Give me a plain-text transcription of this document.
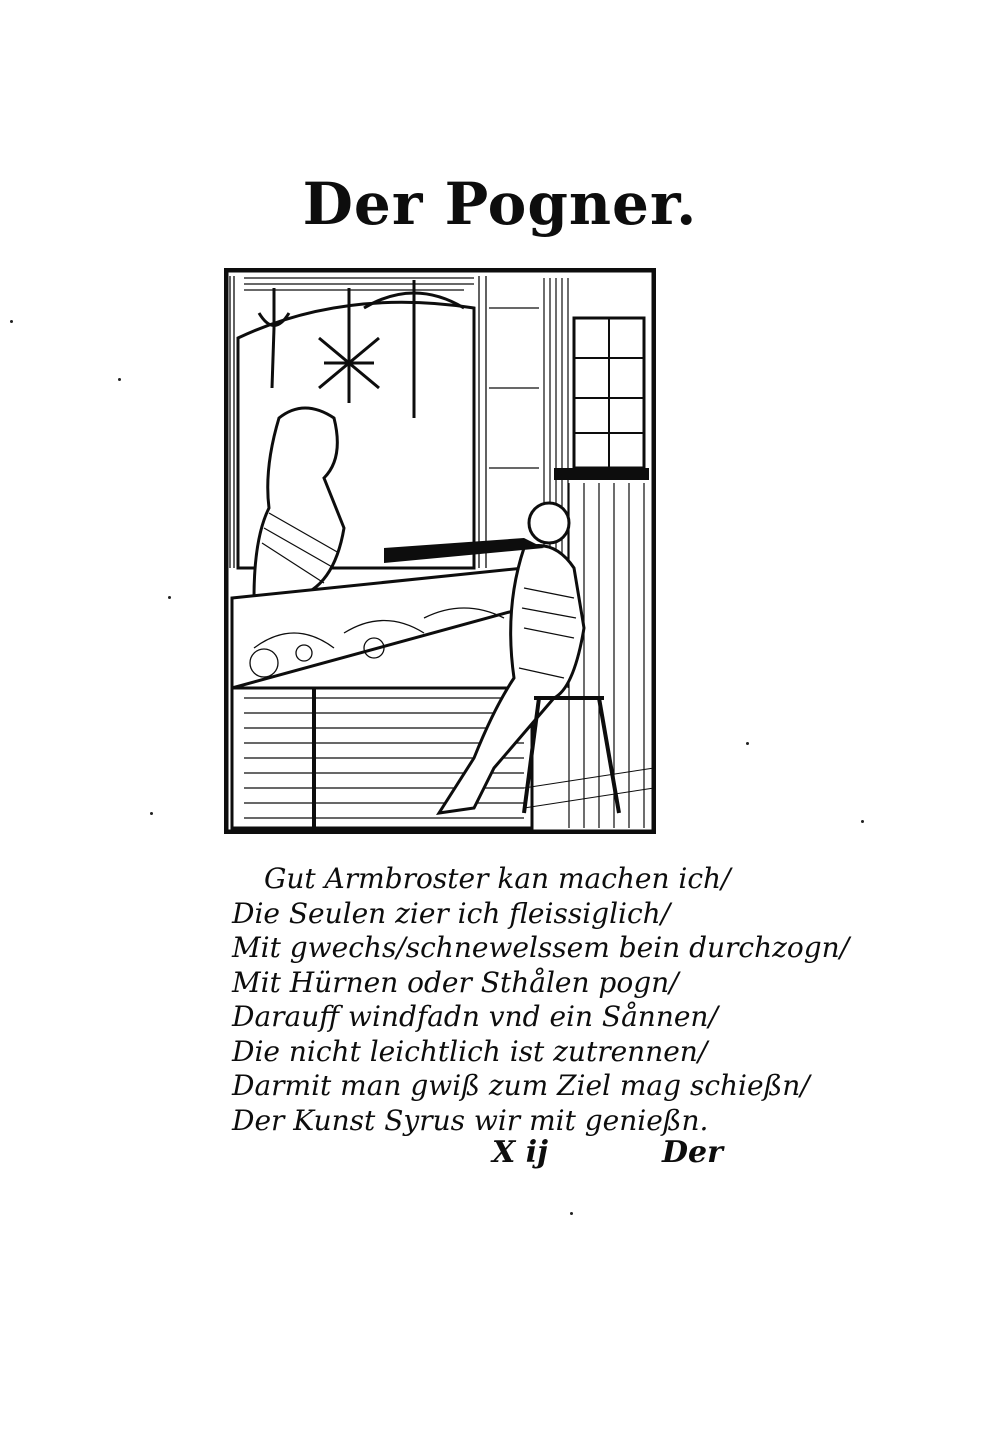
Der Pogner.
Gut Armbroster kan machen ich/
Die Seulen zier ich fleissiglich/
Mit gwechs/schnewelssem bein durchzogn/
Mit Hürnen oder Sthålen pogn/
Darauff windfadn vnd ein Sånnen/
Die nicht leichtlich ist zutrennen/
Darmit man gwiß zum Ziel mag schießn/
Der Kunst Syrus wir mit genießn.
X ij	Der
